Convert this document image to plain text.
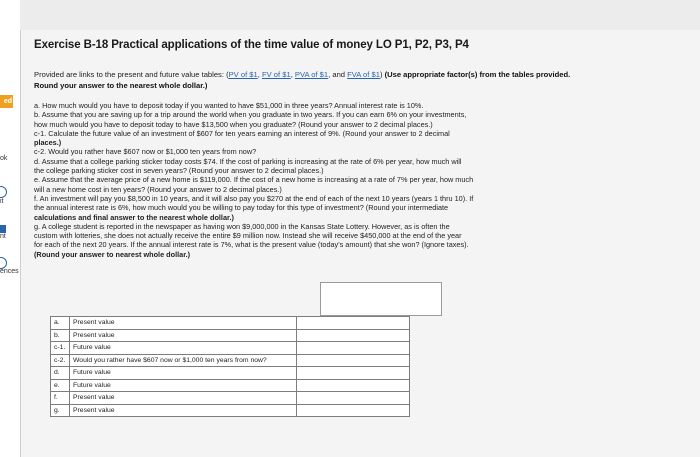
ed
ok
it
nt
ences
Exercise B-18 Practical applications of the time value of money LO P1, P2, P3, P4
Provided are links to the present and future value tables: (PV of $1, FV of $1, PVA of $1, and FVA of $1) (Use appropriate factor(s) from the tables provided. Round your answer to the nearest whole dollar.)
a. How much would you have to deposit today if you wanted to have $51,000 in three years? Annual interest rate is 10%.
b. Assume that you are saving up for a trip around the world when you graduate in two years. If you can earn 6% on your investments,
how much would you have to deposit today to have $13,500 when you graduate? (Round your answer to 2 decimal places.)
c-1. Calculate the future value of an investment of $607 for ten years earning an interest of 9%. (Round your answer to 2 decimal
places.)
c-2. Would you rather have $607 now or $1,000 ten years from now?
d. Assume that a college parking sticker today costs $74. If the cost of parking is increasing at the rate of 6% per year, how much will
the college parking sticker cost in seven years? (Round your answer to 2 decimal places.)
e. Assume that the average price of a new home is $119,000. If the cost of a new home is increasing at a rate of 7% per year, how much
will a new home cost in ten years? (Round your answer to 2 decimal places.)
f. An investment will pay you $8,500 in 10 years, and it will also pay you $270 at the end of each of the next 10 years (years 1 thru 10). If
the annual interest rate is 6%, how much would you be willing to pay today for this type of investment? (Round your intermediate
calculations and final answer to the nearest whole dollar.)
g. A college student is reported in the newspaper as having won $9,000,000 in the Kansas State Lottery. However, as is often the
custom with lotteries, she does not actually receive the entire $9 million now. Instead she will receive $450,000 at the end of the year
for each of the next 20 years. If the annual interest rate is 7%, what is the present value (today's amount) that she won? (Ignore taxes).
(Round your answer to nearest whole dollar.)
a.	Present value	
b.	Present value	
c-1.	Future value	
c-2.	Would you rather have $607 now or $1,000 ten years from now?	
d.	Future value	
e.	Future value	
f.	Present value	
g.	Present value	
